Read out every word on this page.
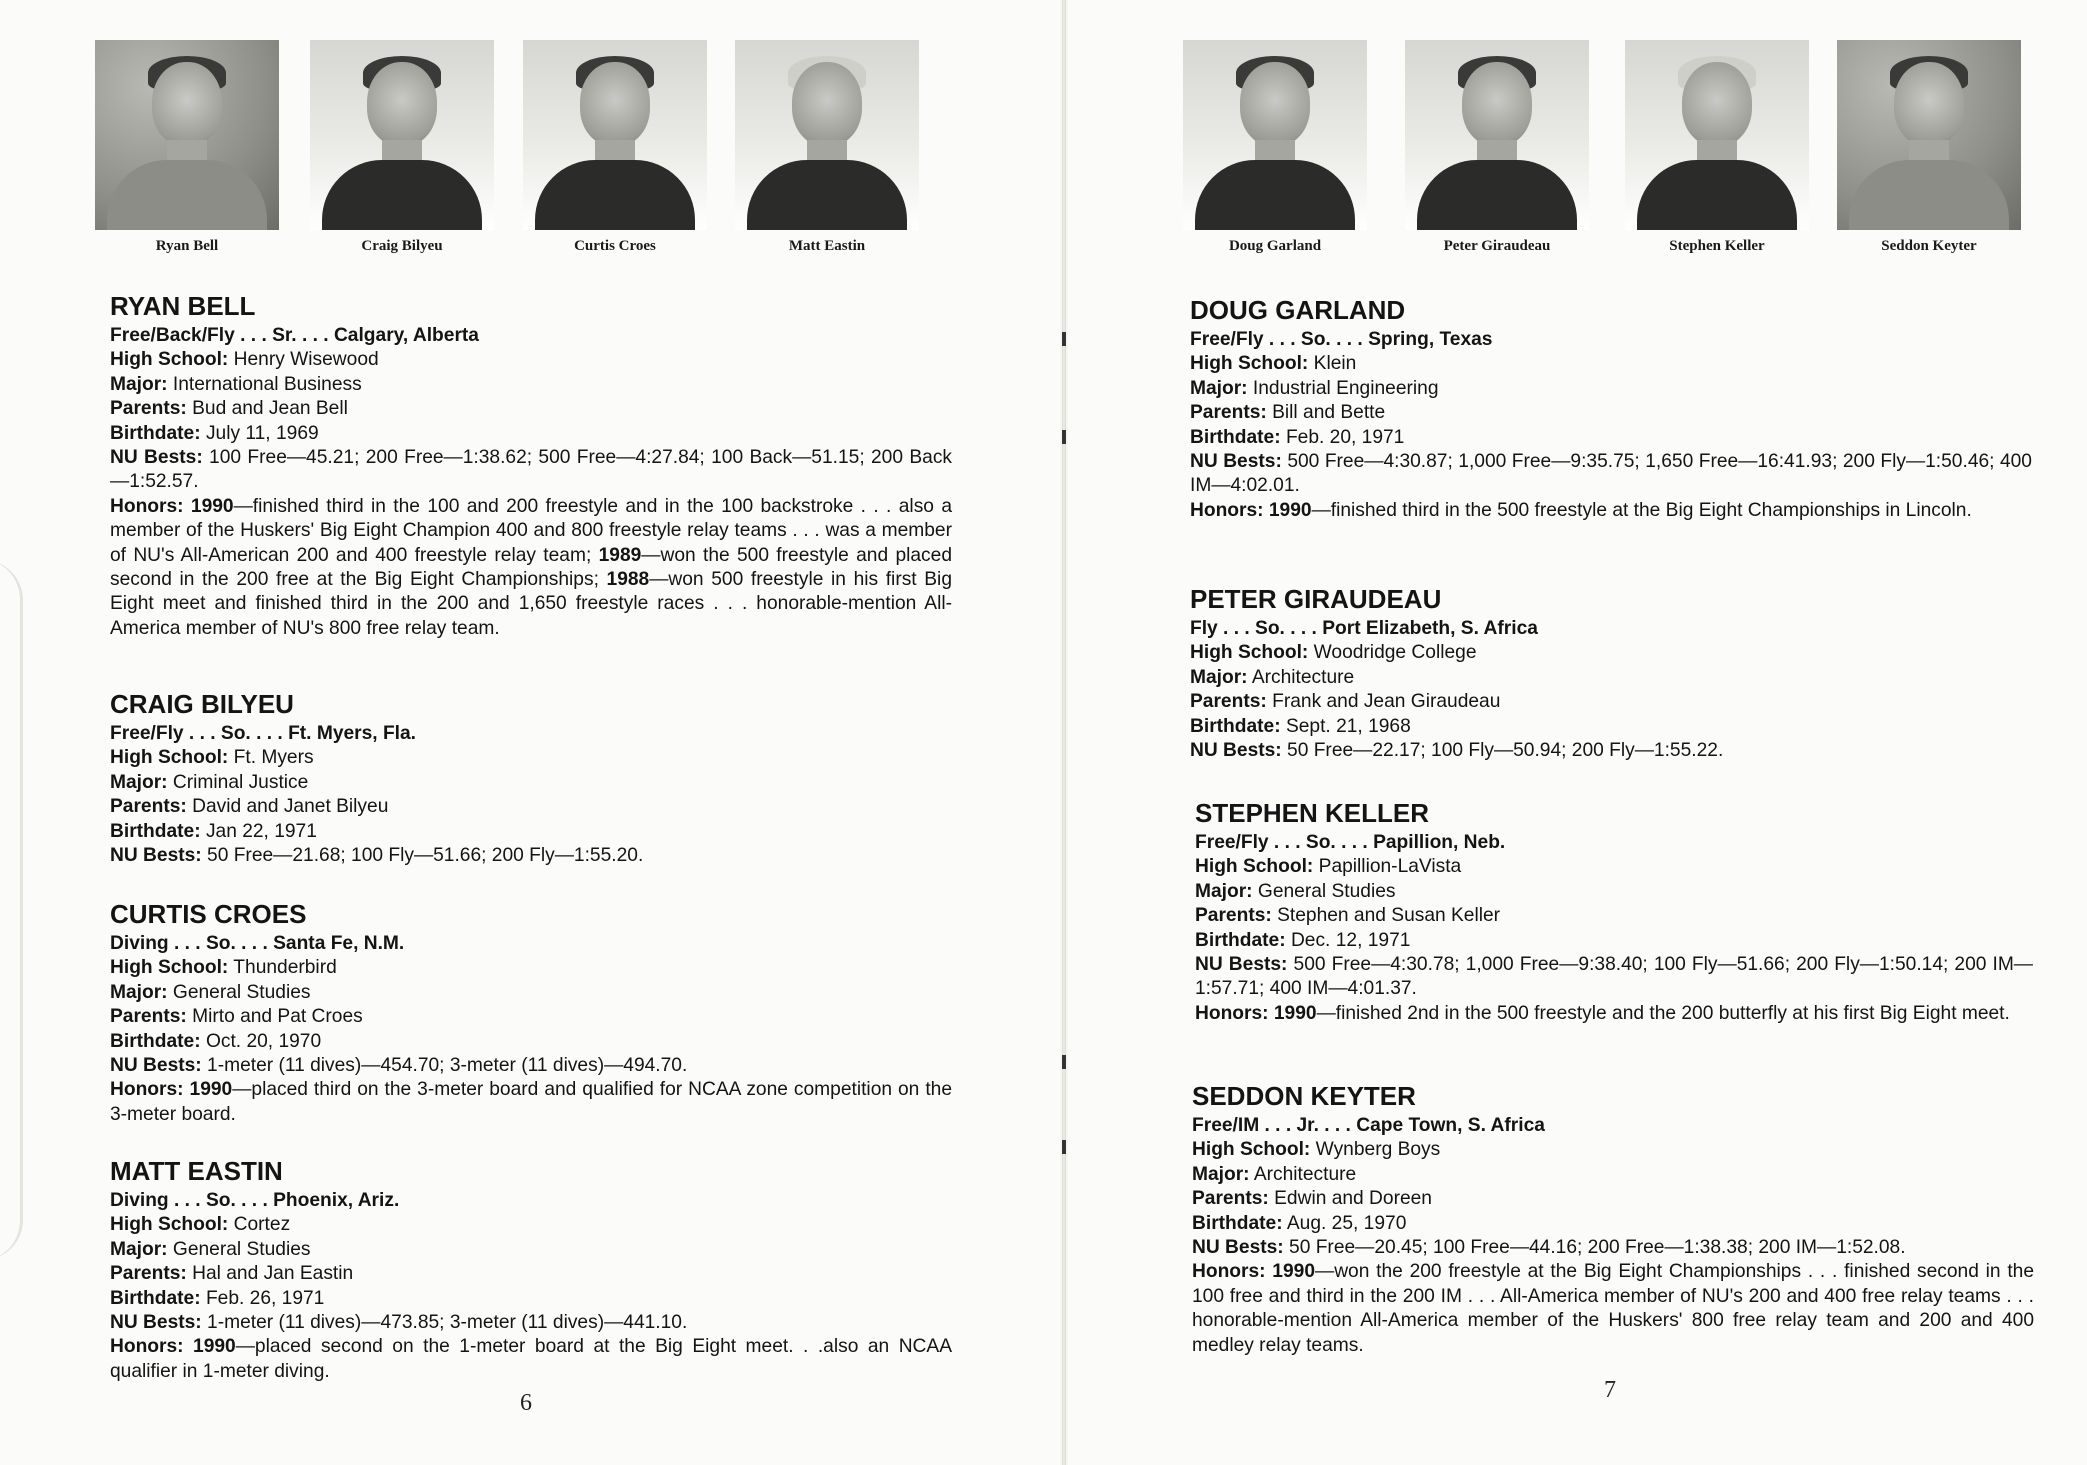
Ryan Bell	Craig Bilyeu	Curtis Croes	Matt Eastin
RYAN BELL
Free/Back/Fly . . . Sr. . . . Calgary, Alberta
High School: Henry Wisewood
Major: International Business
Parents: Bud and Jean Bell
Birthdate: July 11, 1969
NU Bests: 100 Free—45.21; 200 Free—1:38.62; 500 Free—4:27.84; 100 Back—51.15; 200 Back—1:52.57.
Honors: 1990—finished third in the 100 and 200 freestyle and in the 100 backstroke . . . also a member of the Huskers' Big Eight Champion 400 and 800 freestyle relay teams . . . was a member of NU's All-American 200 and 400 freestyle relay team; 1989—won the 500 freestyle and placed second in the 200 free at the Big Eight Championships; 1988—won 500 freestyle in his first Big Eight meet and finished third in the 200 and 1,650 freestyle races . . . honorable-mention All-America member of NU's 800 free relay team.
CRAIG BILYEU
Free/Fly . . . So. . . . Ft. Myers, Fla.
High School: Ft. Myers
Major: Criminal Justice
Parents: David and Janet Bilyeu
Birthdate: Jan 22, 1971
NU Bests: 50 Free—21.68; 100 Fly—51.66; 200 Fly—1:55.20.
CURTIS CROES
Diving . . . So. . . . Santa Fe, N.M.
High School: Thunderbird
Major: General Studies
Parents: Mirto and Pat Croes
Birthdate: Oct. 20, 1970
NU Bests: 1-meter (11 dives)—454.70; 3-meter (11 dives)—494.70.
Honors: 1990—placed third on the 3-meter board and qualified for NCAA zone competition on the 3-meter board.
MATT EASTIN
Diving . . . So. . . . Phoenix, Ariz.
High School: Cortez
Major: General Studies
Parents: Hal and Jan Eastin
Birthdate: Feb. 26, 1971
NU Bests: 1-meter (11 dives)—473.85; 3-meter (11 dives)—441.10.
Honors: 1990—placed second on the 1-meter board at the Big Eight meet. . .also an NCAA qualifier in 1-meter diving.
6
Doug Garland	Peter Giraudeau	Stephen Keller	Seddon Keyter
DOUG GARLAND
Free/Fly . . . So. . . . Spring, Texas
High School: Klein
Major: Industrial Engineering
Parents: Bill and Bette
Birthdate: Feb. 20, 1971
NU Bests: 500 Free—4:30.87; 1,000 Free—9:35.75; 1,650 Free—16:41.93; 200 Fly—1:50.46; 400 IM—4:02.01.
Honors: 1990—finished third in the 500 freestyle at the Big Eight Championships in Lincoln.
PETER GIRAUDEAU
Fly . . . So. . . . Port Elizabeth, S. Africa
High School: Woodridge College
Major: Architecture
Parents: Frank and Jean Giraudeau
Birthdate: Sept. 21, 1968
NU Bests: 50 Free—22.17; 100 Fly—50.94; 200 Fly—1:55.22.
STEPHEN KELLER
Free/Fly . . . So. . . . Papillion, Neb.
High School: Papillion-LaVista
Major: General Studies
Parents: Stephen and Susan Keller
Birthdate: Dec. 12, 1971
NU Bests: 500 Free—4:30.78; 1,000 Free—9:38.40; 100 Fly—51.66; 200 Fly—1:50.14; 200 IM—1:57.71; 400 IM—4:01.37.
Honors: 1990—finished 2nd in the 500 freestyle and the 200 butterfly at his first Big Eight meet.
SEDDON KEYTER
Free/IM . . . Jr. . . . Cape Town, S. Africa
High School: Wynberg Boys
Major: Architecture
Parents: Edwin and Doreen
Birthdate: Aug. 25, 1970
NU Bests: 50 Free—20.45; 100 Free—44.16; 200 Free—1:38.38; 200 IM—1:52.08.
Honors: 1990—won the 200 freestyle at the Big Eight Championships . . . finished second in the 100 free and third in the 200 IM . . . All-America member of NU's 200 and 400 free relay teams . . . honorable-mention All-America member of the Huskers' 800 free relay team and 200 and 400 medley relay teams.
7
